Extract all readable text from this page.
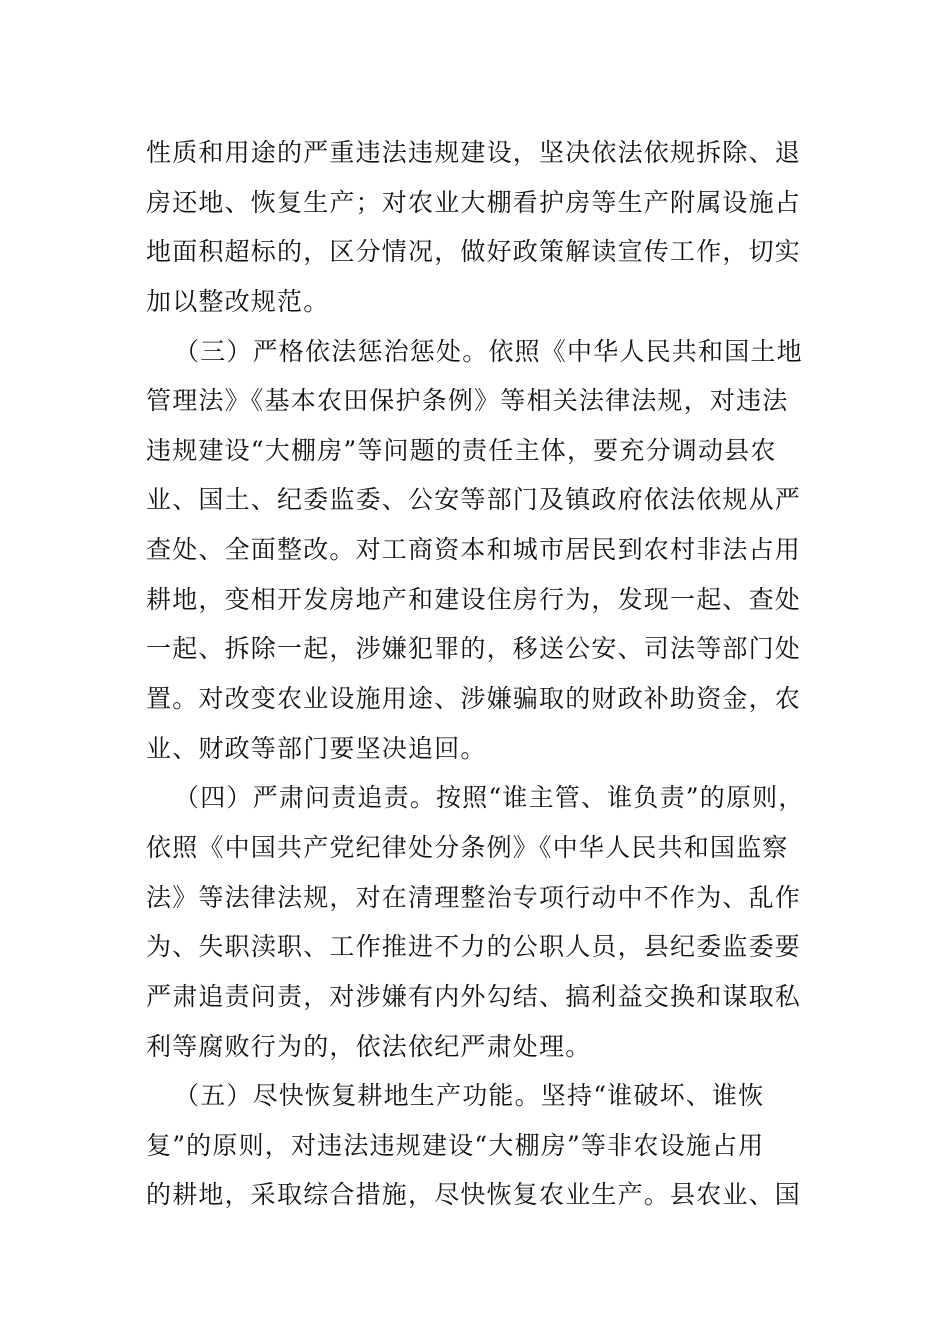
性质和用途的严重违法违规建设，坚决依法依规拆除、退
房还地、恢复生产；对农业大棚看护房等生产附属设施占
地面积超标的，区分情况，做好政策解读宣传工作，切实
加以整改规范。
（三）严格依法惩治惩处。依照《中华人民共和国土地
管理法》《基本农田保护条例》等相关法律法规，对违法
违规建设“大棚房”等问题的责任主体，要充分调动县农
业、国土、纪委监委、公安等部门及镇政府依法依规从严
查处、全面整改。对工商资本和城市居民到农村非法占用
耕地，变相开发房地产和建设住房行为，发现一起、查处
一起、拆除一起，涉嫌犯罪的，移送公安、司法等部门处
置。对改变农业设施用途、涉嫌骗取的财政补助资金，农
业、财政等部门要坚决追回。
（四）严肃问责追责。按照“谁主管、谁负责”的原则，
依照《中国共产党纪律处分条例》《中华人民共和国监察
法》等法律法规，对在清理整治专项行动中不作为、乱作
为、失职渎职、工作推进不力的公职人员，县纪委监委要
严肃追责问责，对涉嫌有内外勾结、搞利益交换和谋取私
利等腐败行为的，依法依纪严肃处理。
（五）尽快恢复耕地生产功能。坚持“谁破坏、谁恢
复”的原则，对违法违规建设“大棚房”等非农设施占用
的耕地，采取综合措施，尽快恢复农业生产。县农业、国
